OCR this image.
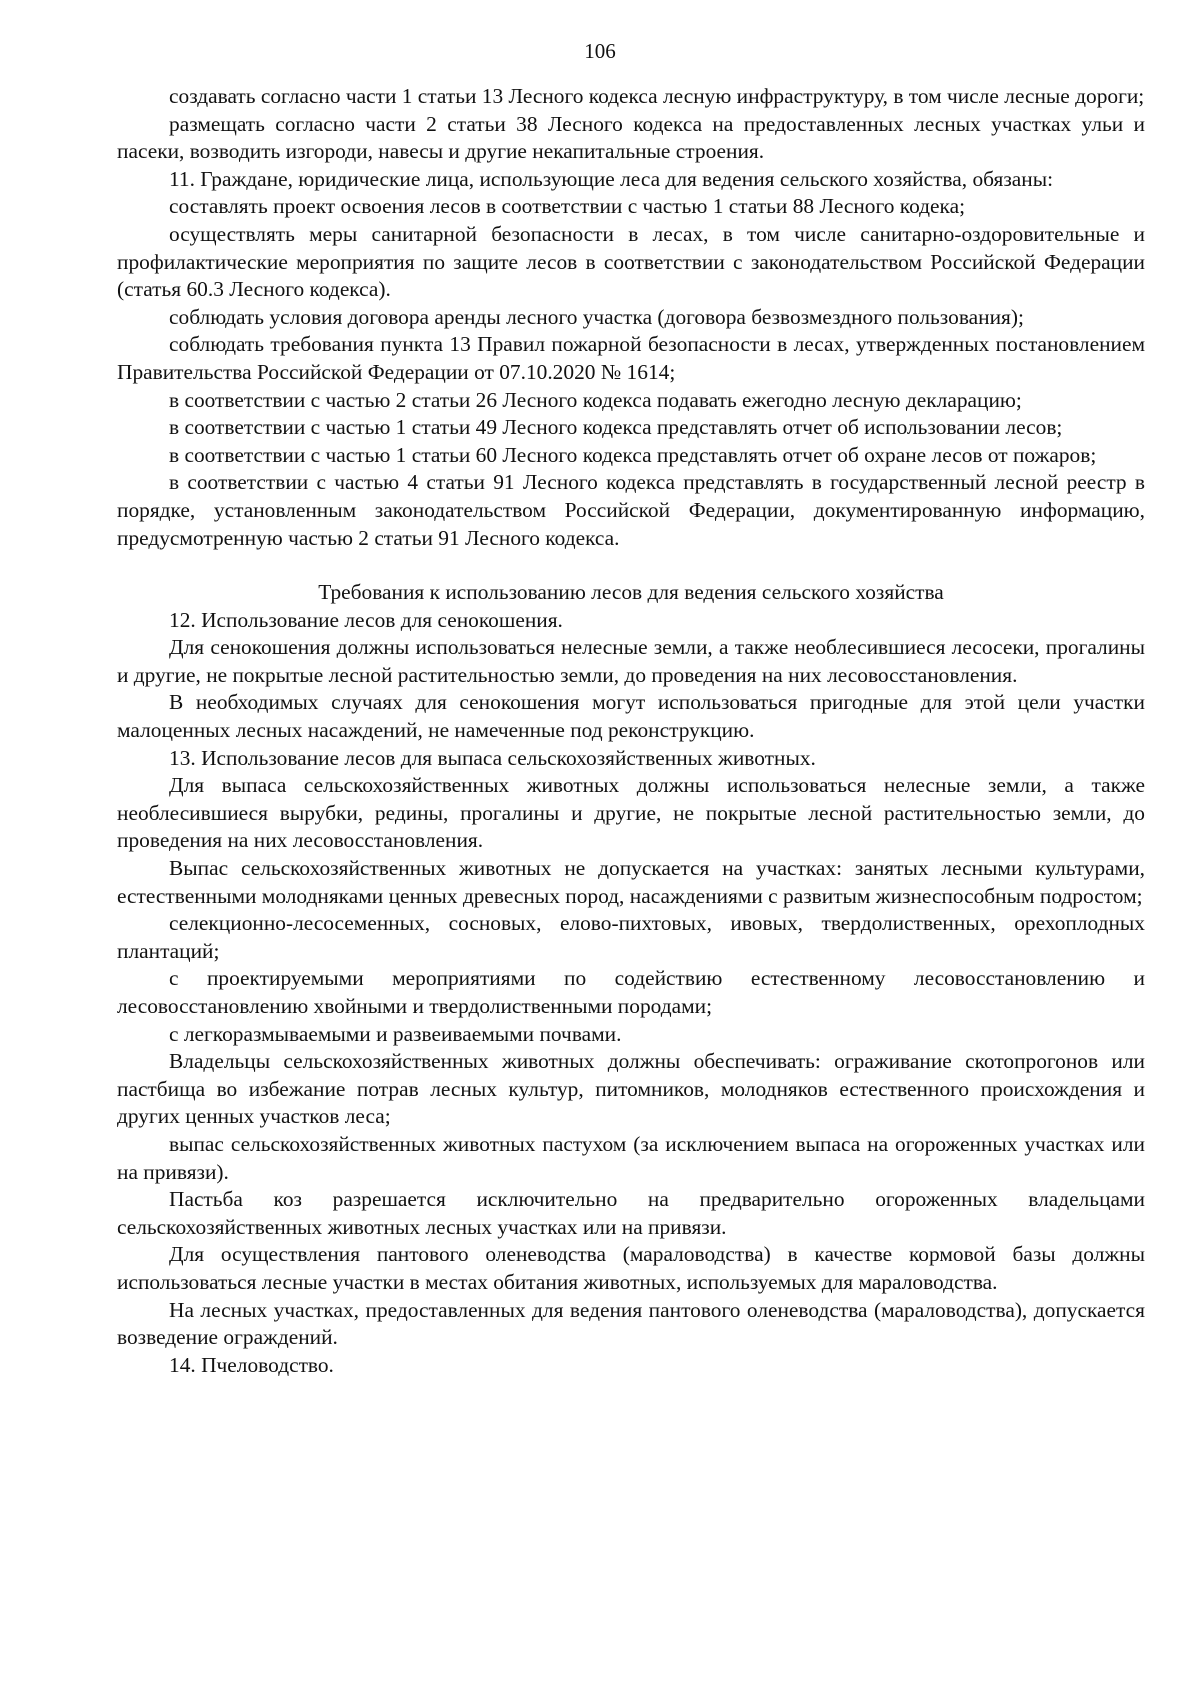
106

создавать согласно части 1 статьи 13 Лесного кодекса лесную инфраструктуру, в том числе лесные дороги;

размещать согласно части 2 статьи 38 Лесного кодекса на предоставленных лесных участках ульи и пасеки, возводить изгороди, навесы и другие некапитальные строения.

11. Граждане, юридические лица, использующие леса для ведения сельского хозяйства, обязаны:

составлять проект освоения лесов в соответствии с частью 1 статьи 88 Лесного кодека;

осуществлять меры санитарной безопасности в лесах, в том числе санитарно-оздоровительные и профилактические мероприятия по защите лесов в соответствии с законодательством Российской Федерации (статья 60.3 Лесного кодекса).

соблюдать условия договора аренды лесного участка (договора безвозмездного пользования);

соблюдать требования пункта 13 Правил пожарной безопасности в лесах, утвержденных постановлением Правительства Российской Федерации от 07.10.2020 № 1614;

в соответствии с частью 2 статьи 26 Лесного кодекса подавать ежегодно лесную декларацию;

в соответствии с частью 1 статьи 49 Лесного кодекса представлять отчет об использовании лесов;

в соответствии с частью 1 статьи 60 Лесного кодекса представлять отчет об охране лесов от пожаров;

в соответствии с частью 4 статьи 91 Лесного кодекса представлять в государственный лесной реестр в порядке, установленным законодательством Российской Федерации, документированную информацию, предусмотренную частью 2 статьи 91 Лесного кодекса.

Требования к использованию лесов для ведения сельского хозяйства

12. Использование лесов для сенокошения.

Для сенокошения должны использоваться нелесные земли, а также необлесившиеся лесосеки, прогалины и другие, не покрытые лесной растительностью земли, до проведения на них лесовосстановления.

В необходимых случаях для сенокошения могут использоваться пригодные для этой цели участки малоценных лесных насаждений, не намеченные под реконструкцию.

13. Использование лесов для выпаса сельскохозяйственных животных.

Для выпаса сельскохозяйственных животных должны использоваться нелесные земли, а также необлесившиеся вырубки, редины, прогалины и другие, не покрытые лесной растительностью земли, до проведения на них лесовосстановления.

Выпас сельскохозяйственных животных не допускается на участках: занятых лесными культурами, естественными молодняками ценных древесных пород, насаждениями с развитым жизнеспособным подростом;

селекционно-лесосеменных, сосновых, елово-пихтовых, ивовых, твердолиственных, орехоплодных плантаций;

с проектируемыми мероприятиями по содействию естественному лесовосстановлению и лесовосстановлению хвойными и твердолиственными породами;

с легкоразмываемыми и развеиваемыми почвами.

Владельцы сельскохозяйственных животных должны обеспечивать: ограживание скотопрогонов или пастбища во избежание потрав лесных культур, питомников, молодняков естественного происхождения и других ценных участков леса;

выпас сельскохозяйственных животных пастухом (за исключением выпаса на огороженных участках или на привязи).

Пастьба коз разрешается исключительно на предварительно огороженных владельцами сельскохозяйственных животных лесных участках или на привязи.

Для осуществления пантового оленеводства (мараловодства) в качестве кормовой базы должны использоваться лесные участки в местах обитания животных, используемых для мараловодства.

На лесных участках, предоставленных для ведения пантового оленеводства (мараловодства), допускается возведение ограждений.

14. Пчеловодство.
